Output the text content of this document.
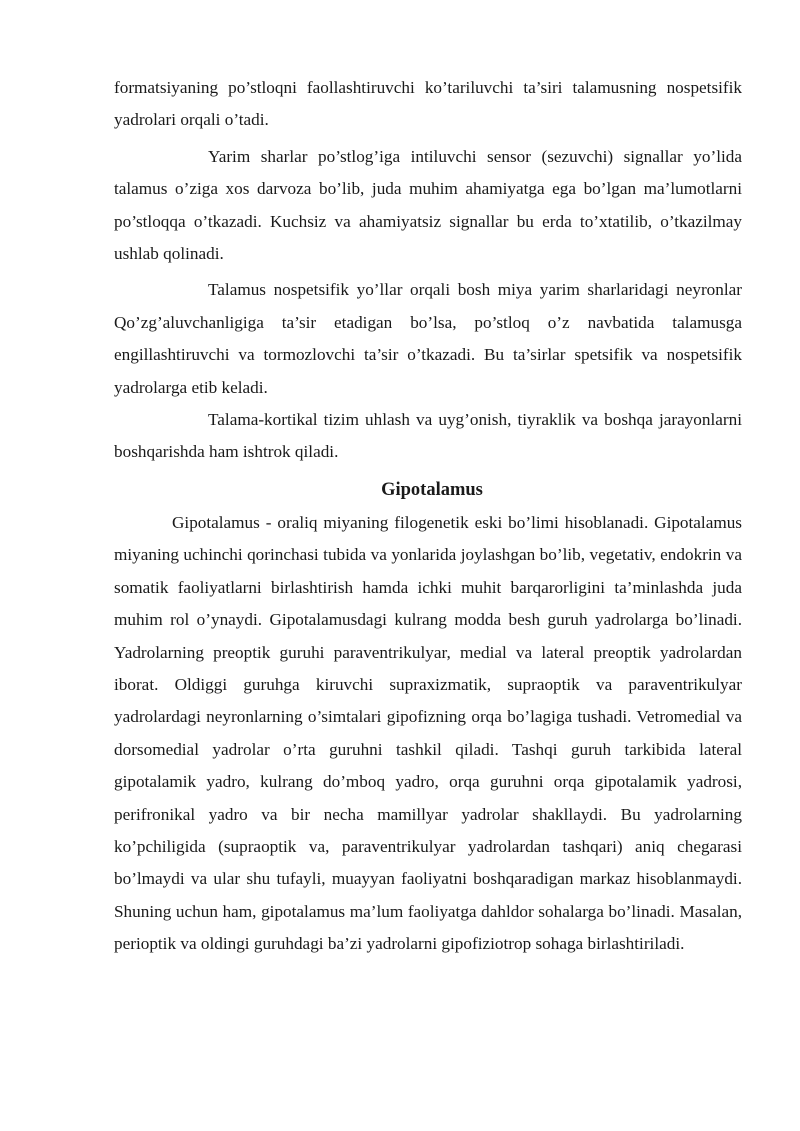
formatsiyaning po’stloqni faollashtiruvchi ko’tariluvchi ta’siri talamusning nospetsifik yadrolari orqali o’tadi.

Yarim sharlar po’stlog’iga intiluvchi sensor (sezuvchi) signallar yo’lida talamus o’ziga xos darvoza bo’lib, juda muhim ahamiyatga ega bo’lgan ma’lumotlarni po’stloqqa o’tkazadi. Kuchsiz va ahamiyatsiz signallar bu erda to’xtatilib, o’tkazilmay ushlab qolinadi.

Talamus nospetsifik yo’llar orqali bosh miya yarim sharlaridagi neyronlar Qo’zg’aluvchanligiga ta’sir etadigan bo’lsa, po’stloq o’z navbatida talamusga engillashtiruvchi va tormozlovchi ta’sir o’tkazadi. Bu ta’sirlar spetsifik va nospetsifik yadrolarga etib keladi.

Talama-kortikal tizim uhlash va uyg’onish, tiyraklik va boshqa jarayonlarni boshqarishda ham ishtrok qiladi.

Gipotalamus

Gipotalamus - oraliq miyaning filogenetik eski bo’limi hisoblanadi. Gipotalamus miyaning uchinchi qorinchasi tubida va yonlarida joylashgan bo’lib, vegetativ, endokrin va somatik faoliyatlarni birlashtirish hamda ichki muhit barqarorligini ta’minlashda juda muhim rol o’ynaydi. Gipotalamusdagi kulrang modda besh guruh yadrolarga bo’linadi. Yadrolarning preoptik guruhi paraventrikulyar, medial va lateral preoptik yadrolardan iborat. Oldiggi guruhga kiruvchi supraxizmatik, supraoptik va paraventrikulyar yadrolardagi neyronlarning o’simtalari gipofizning orqa bo’lagiga tushadi. Vetromedial va dorsomedial yadrolar o’rta guruhni tashkil qiladi. Tashqi guruh tarkibida lateral gipotalamik yadro, kulrang do’mboq yadro, orqa guruhni orqa gipotalamik yadrosi, perifronikal yadro va bir necha mamillyar yadrolar shakllaydi. Bu yadrolarning ko’pchiligida (supraoptik va, paraventrikulyar yadrolardan tashqari) aniq chegarasi bo’lmaydi va ular shu tufayli, muayyan faoliyatni boshqaradigan markaz hisoblanmaydi. Shuning uchun ham, gipotalamus ma’lum faoliyatga dahldor sohalarga bo’linadi. Masalan, perioptik va oldingi guruhdagi ba’zi yadrolarni gipofiziotrop sohaga birlashtiriladi.
